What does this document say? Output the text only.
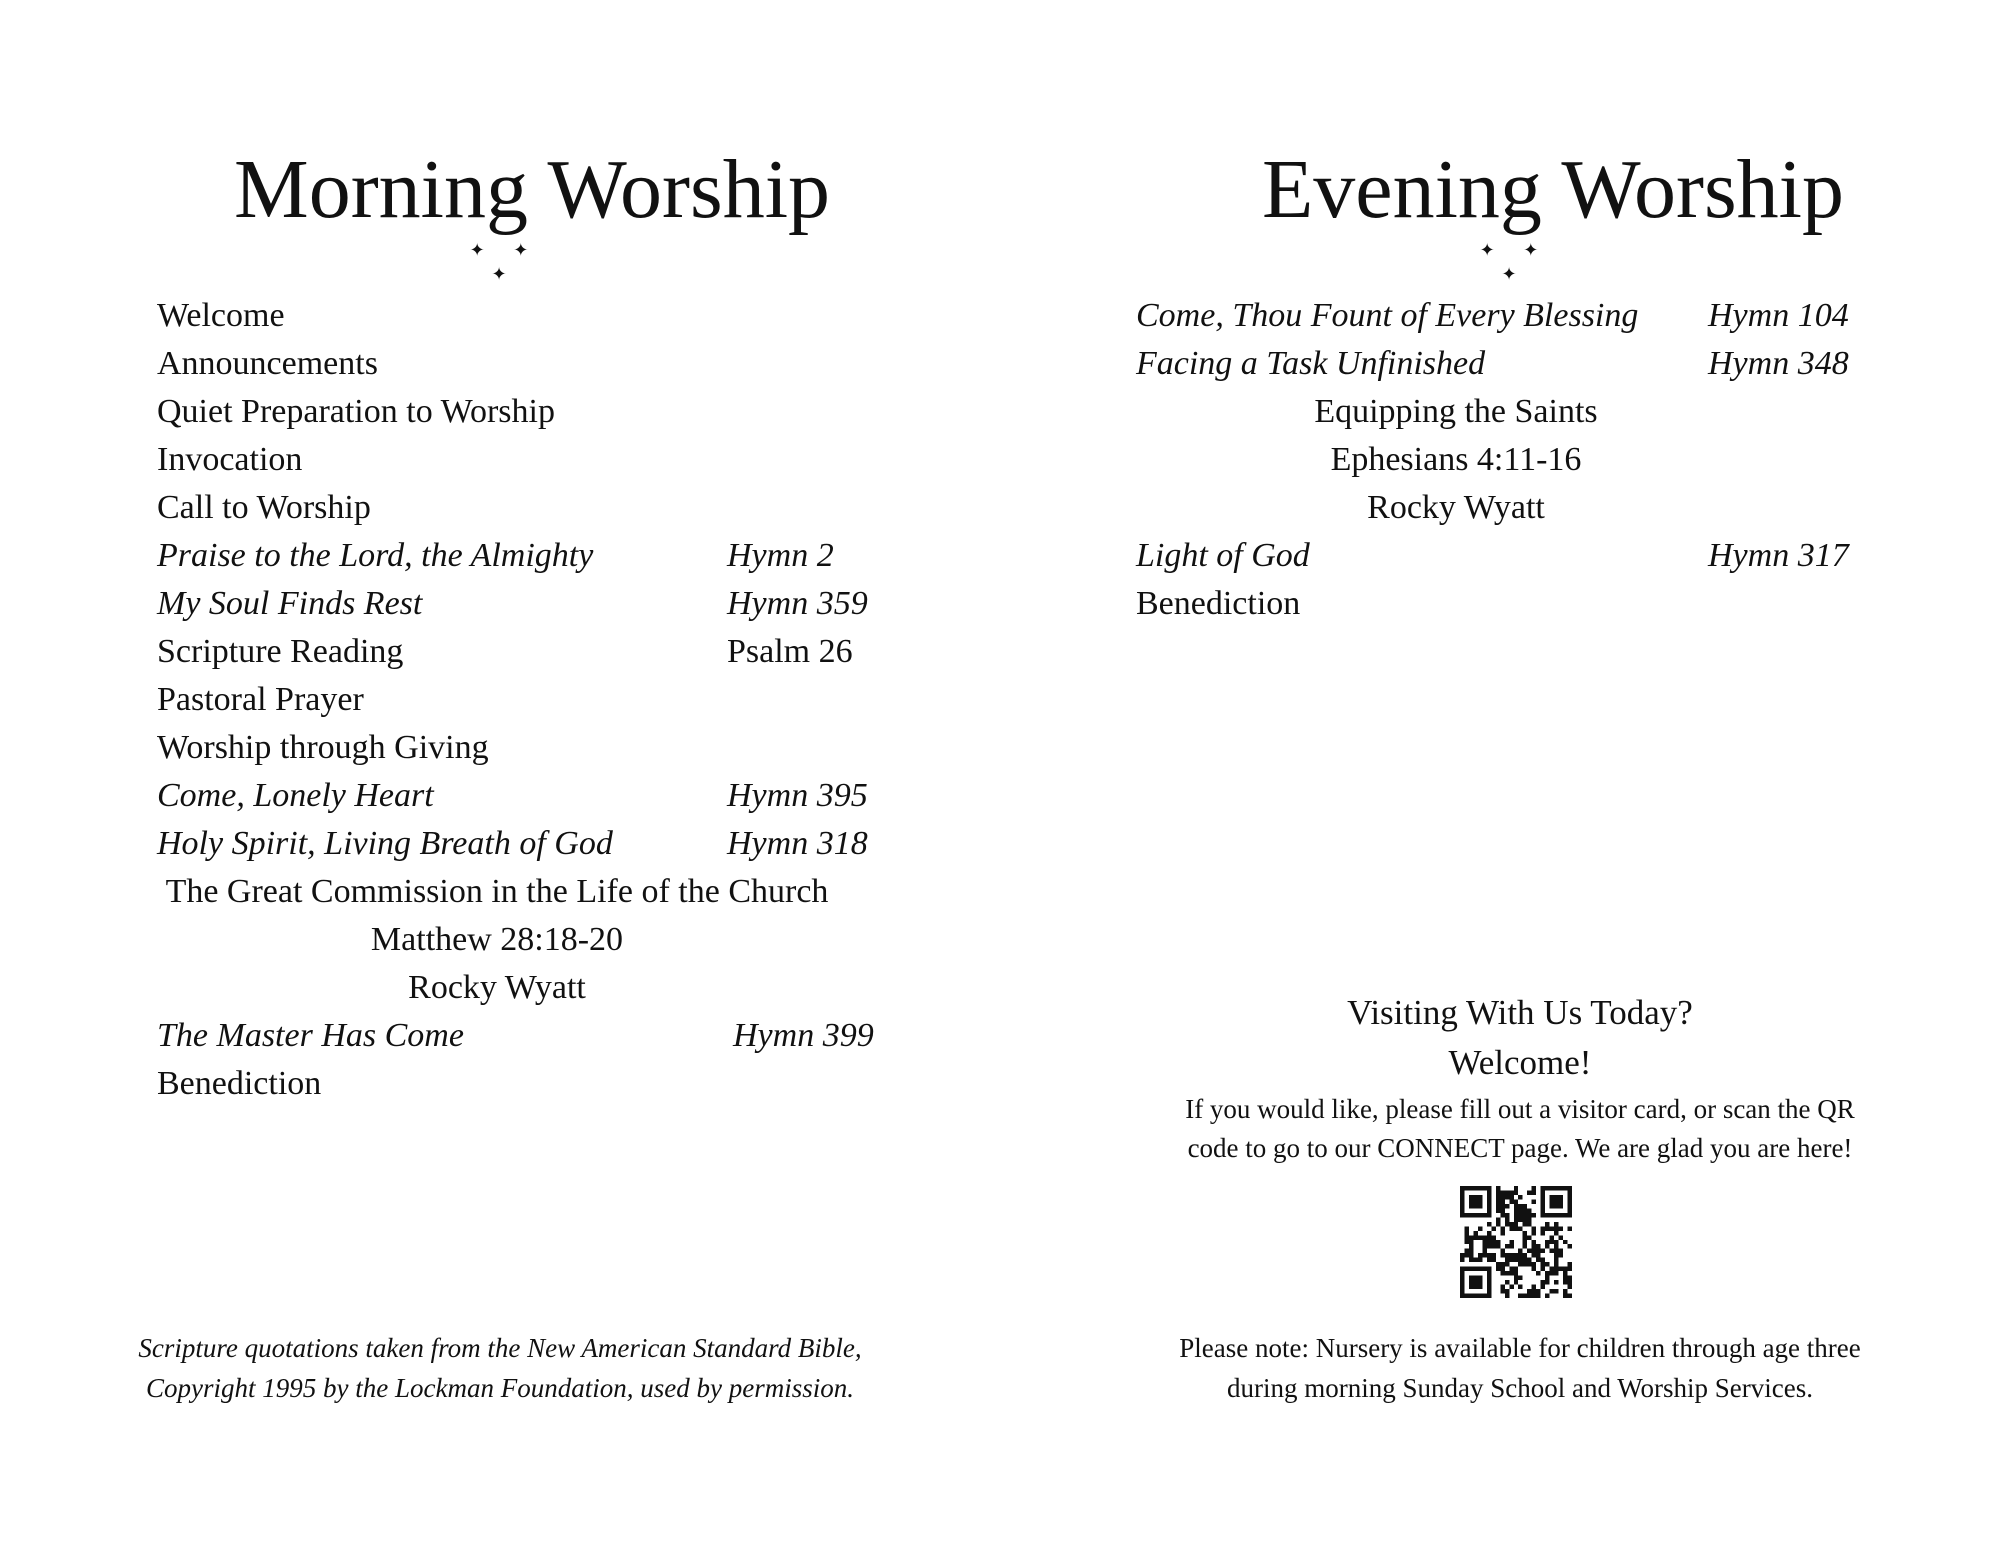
Morning Worship
✦ ✦ ✦
Welcome
Announcements
Quiet Preparation to Worship
Invocation
Call to Worship
Praise to the Lord, the Almighty	Hymn 2
My Soul Finds Rest	Hymn 359
Scripture Reading	Psalm 26
Pastoral Prayer
Worship through Giving
Come, Lonely Heart	Hymn 395
Holy Spirit, Living Breath of God	Hymn 318
The Great Commission in the Life of the Church
Matthew 28:18-20
Rocky Wyatt
The Master Has Come	Hymn 399
Benediction
Scripture quotations taken from the New American Standard Bible,
Copyright 1995 by the Lockman Foundation, used by permission.
Evening Worship
✦ ✦ ✦
Come, Thou Fount of Every Blessing Hymn 104
Facing a Task Unfinished	Hymn 348
Equipping the Saints
Ephesians 4:11-16
Rocky Wyatt
Light of God	Hymn 317
Benediction
Visiting With Us Today?
Welcome!
If you would like, please fill out a visitor card, or scan the QR
code to go to our CONNECT page. We are glad you are here!
Please note: Nursery is available for children through age three
during morning Sunday School and Worship Services.
